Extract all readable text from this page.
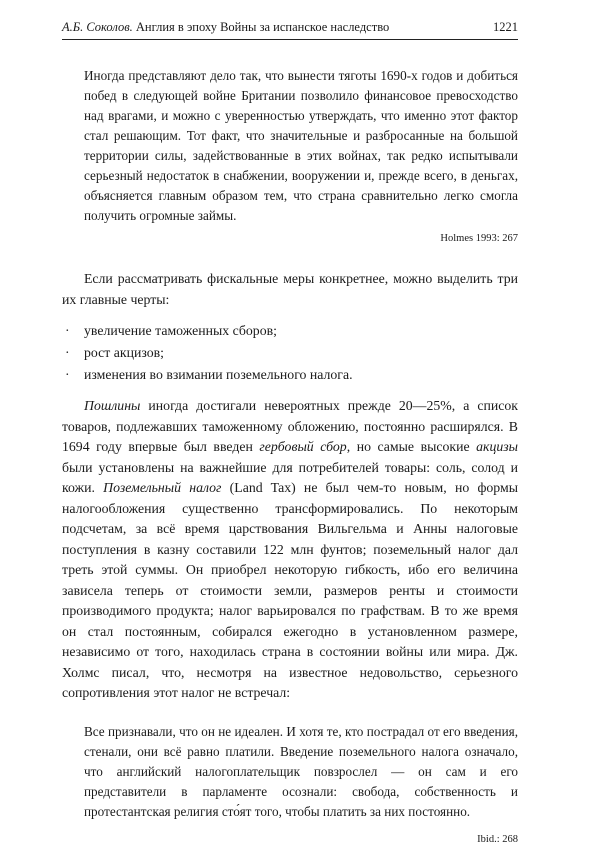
А.Б. Соколов. Англия в эпоху Войны за испанское наследство	1221

Иногда представляют дело так, что вынести тяготы 1690-х годов и добиться побед в следующей войне Британии позволило финансовое превосходство над врагами, и можно с уверенностью утверждать, что именно этот фактор стал решающим. Тот факт, что значительные и разбросанные на большой территории силы, задействованные в этих войнах, так редко испытывали серьезный недостаток в снабжении, вооружении и, прежде всего, в деньгах, объясняется главным образом тем, что страна сравнительно легко смогла получить огромные займы.

Holmes 1993: 267

Если рассматривать фискальные меры конкретнее, можно выделить три их главные черты:

· увеличение таможенных сборов;
· рост акцизов;
· изменения во взимании поземельного налога.

Пошлины иногда достигали невероятных прежде 20—25%, а список товаров, подлежавших таможенному обложению, постоянно расширялся. В 1694 году впервые был введен гербовый сбор, но самые высокие акцизы были установлены на важнейшие для потребителей товары: соль, солод и кожи. Поземельный налог (Land Tax) не был чем-то новым, но формы налогообложения существенно трансформировались. По некоторым подсчетам, за всё время царствования Вильгельма и Анны налоговые поступления в казну составили 122 млн фунтов; поземельный налог дал треть этой суммы. Он приобрел некоторую гибкость, ибо его величина зависела теперь от стоимости земли, размеров ренты и стоимости производимого продукта; налог варьировался по графствам. В то же время он стал постоянным, собирался ежегодно в установленном размере, независимо от того, находилась страна в состоянии войны или мира. Дж. Холмс писал, что, несмотря на известное недовольство, серьезного сопротивления этот налог не встречал:

Все признавали, что он не идеален. И хотя те, кто пострадал от его введения, стенали, они всё равно платили. Введение поземельного налога означало, что английский налогоплательщик повзрослел — он сам и его представители в парламенте осознали: свобода, собственность и протестантская религия сто́ят того, чтобы платить за них постоянно.

Ibid.: 268
